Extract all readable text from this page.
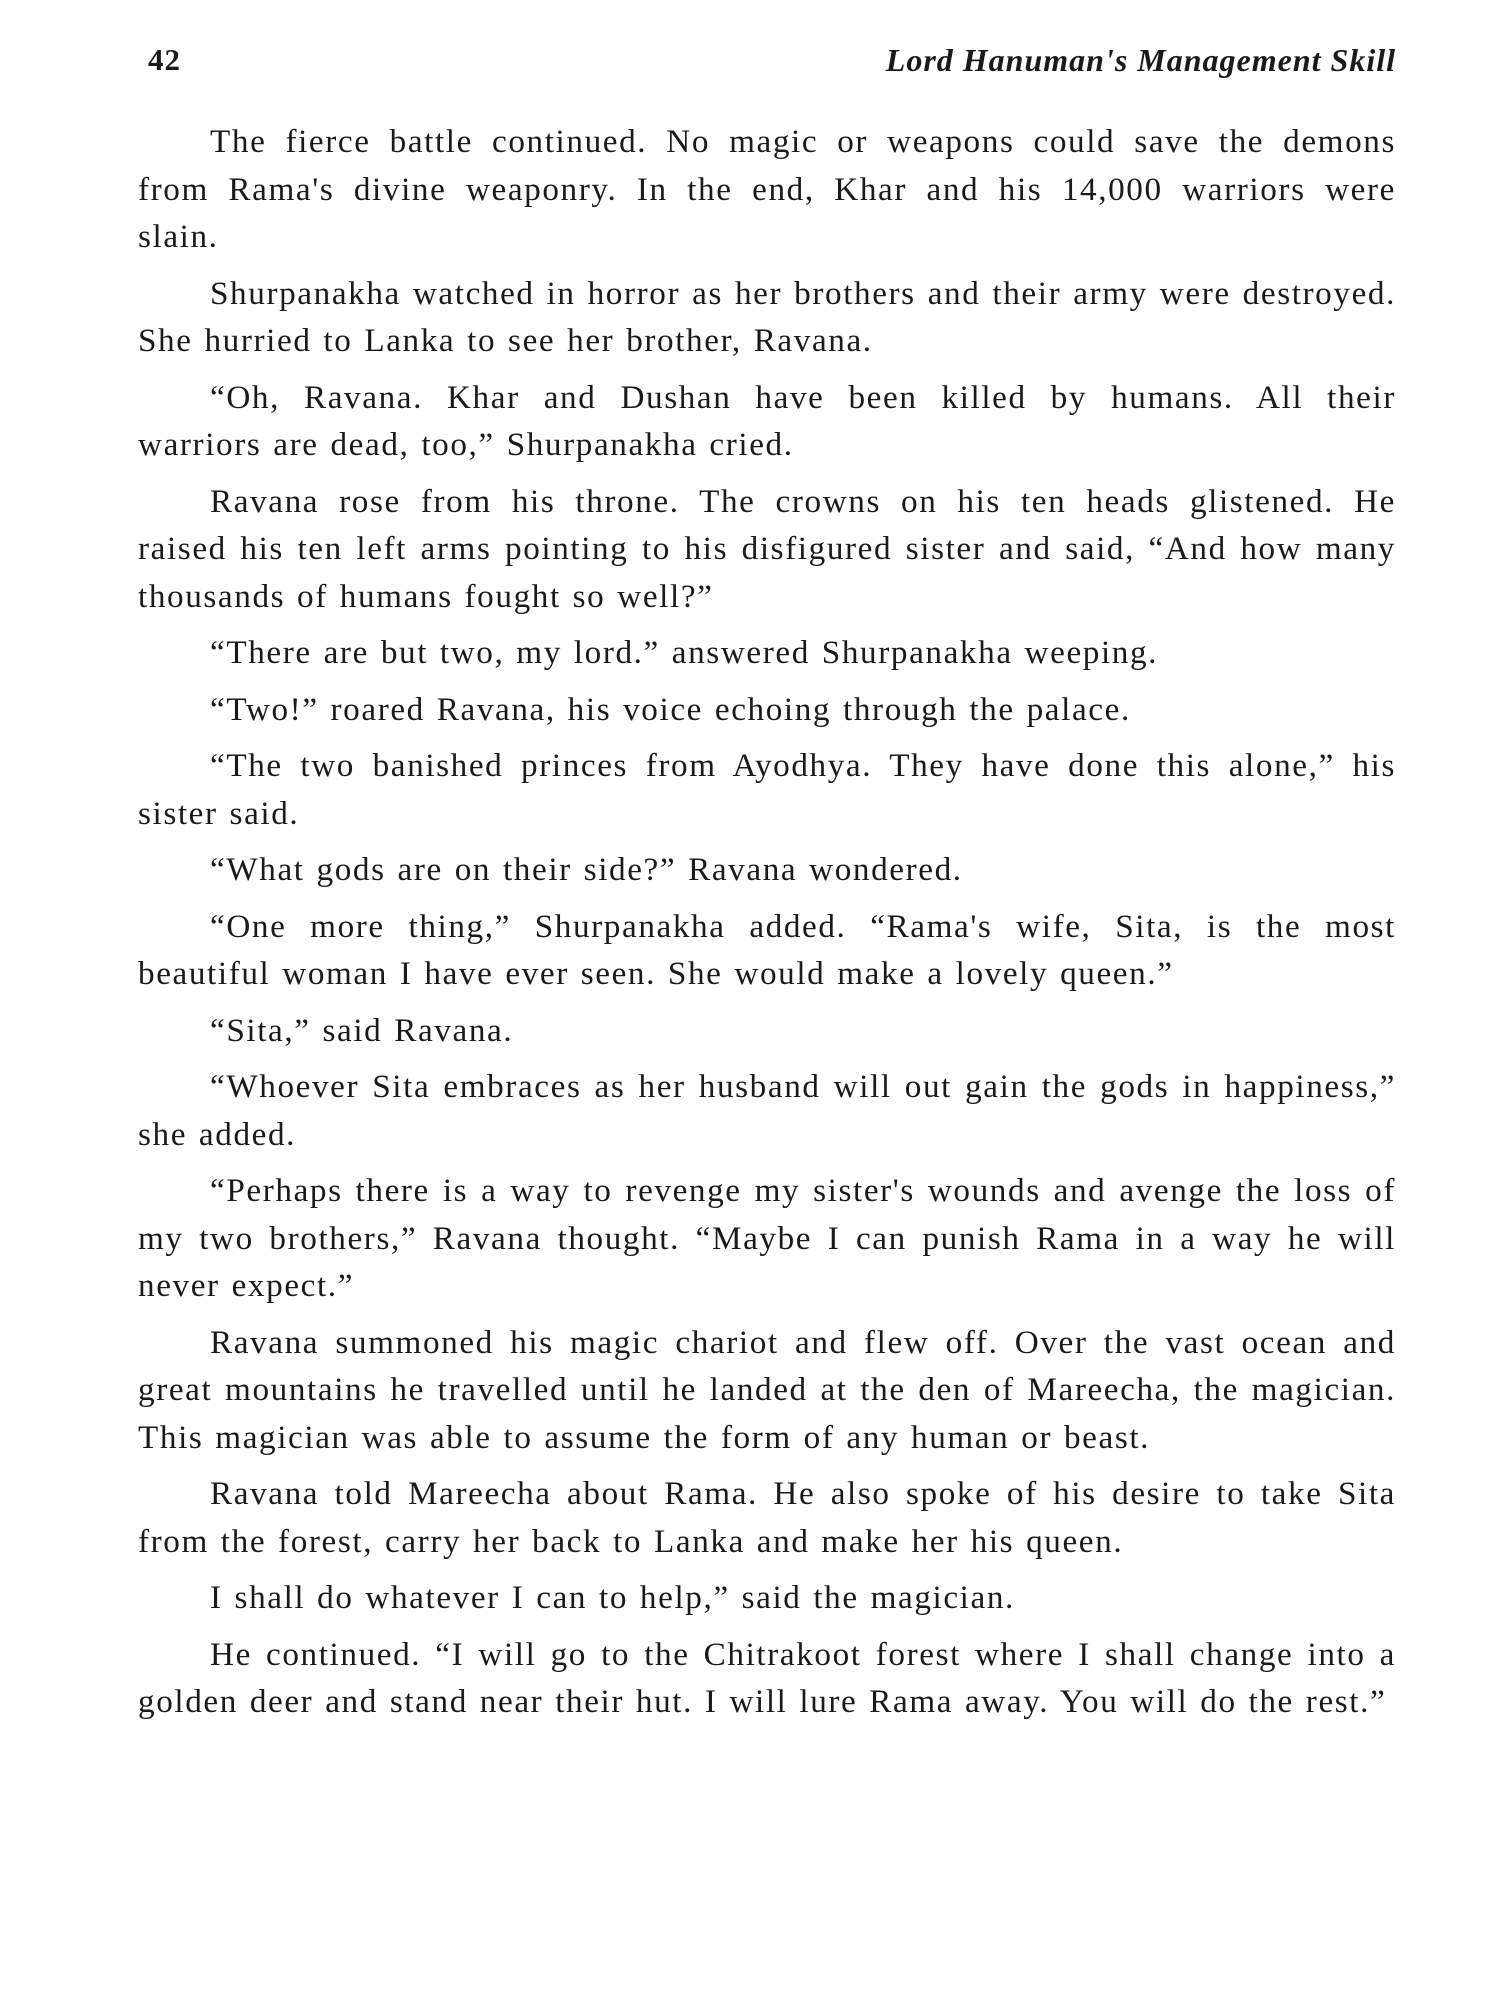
42	Lord Hanuman's Management Skill

The fierce battle continued. No magic or weapons could save the demons from Rama's divine weaponry. In the end, Khar and his 14,000 warriors were slain.

Shurpanakha watched in horror as her brothers and their army were destroyed. She hurried to Lanka to see her brother, Ravana.

“Oh, Ravana. Khar and Dushan have been killed by humans. All their warriors are dead, too,” Shurpanakha cried.

Ravana rose from his throne. The crowns on his ten heads glistened. He raised his ten left arms pointing to his disfigured sister and said, “And how many thousands of humans fought so well?”

“There are but two, my lord.” answered Shurpanakha weeping.

“Two!” roared Ravana, his voice echoing through the palace.

“The two banished princes from Ayodhya. They have done this alone,” his sister said.

“What gods are on their side?” Ravana wondered.

“One more thing,” Shurpanakha added. “Rama's wife, Sita, is the most beautiful woman I have ever seen. She would make a lovely queen.”

“Sita,” said Ravana.

“Whoever Sita embraces as her husband will out gain the gods in happiness,” she added.

“Perhaps there is a way to revenge my sister's wounds and avenge the loss of my two brothers,” Ravana thought. “Maybe I can punish Rama in a way he will never expect.”

Ravana summoned his magic chariot and flew off. Over the vast ocean and great mountains he travelled until he landed at the den of Mareecha, the magician. This magician was able to assume the form of any human or beast.

Ravana told Mareecha about Rama. He also spoke of his desire to take Sita from the forest, carry her back to Lanka and make her his queen.

I shall do whatever I can to help,” said the magician.

He continued. “I will go to the Chitrakoot forest where I shall change into a golden deer and stand near their hut. I will lure Rama away. You will do the rest.”
